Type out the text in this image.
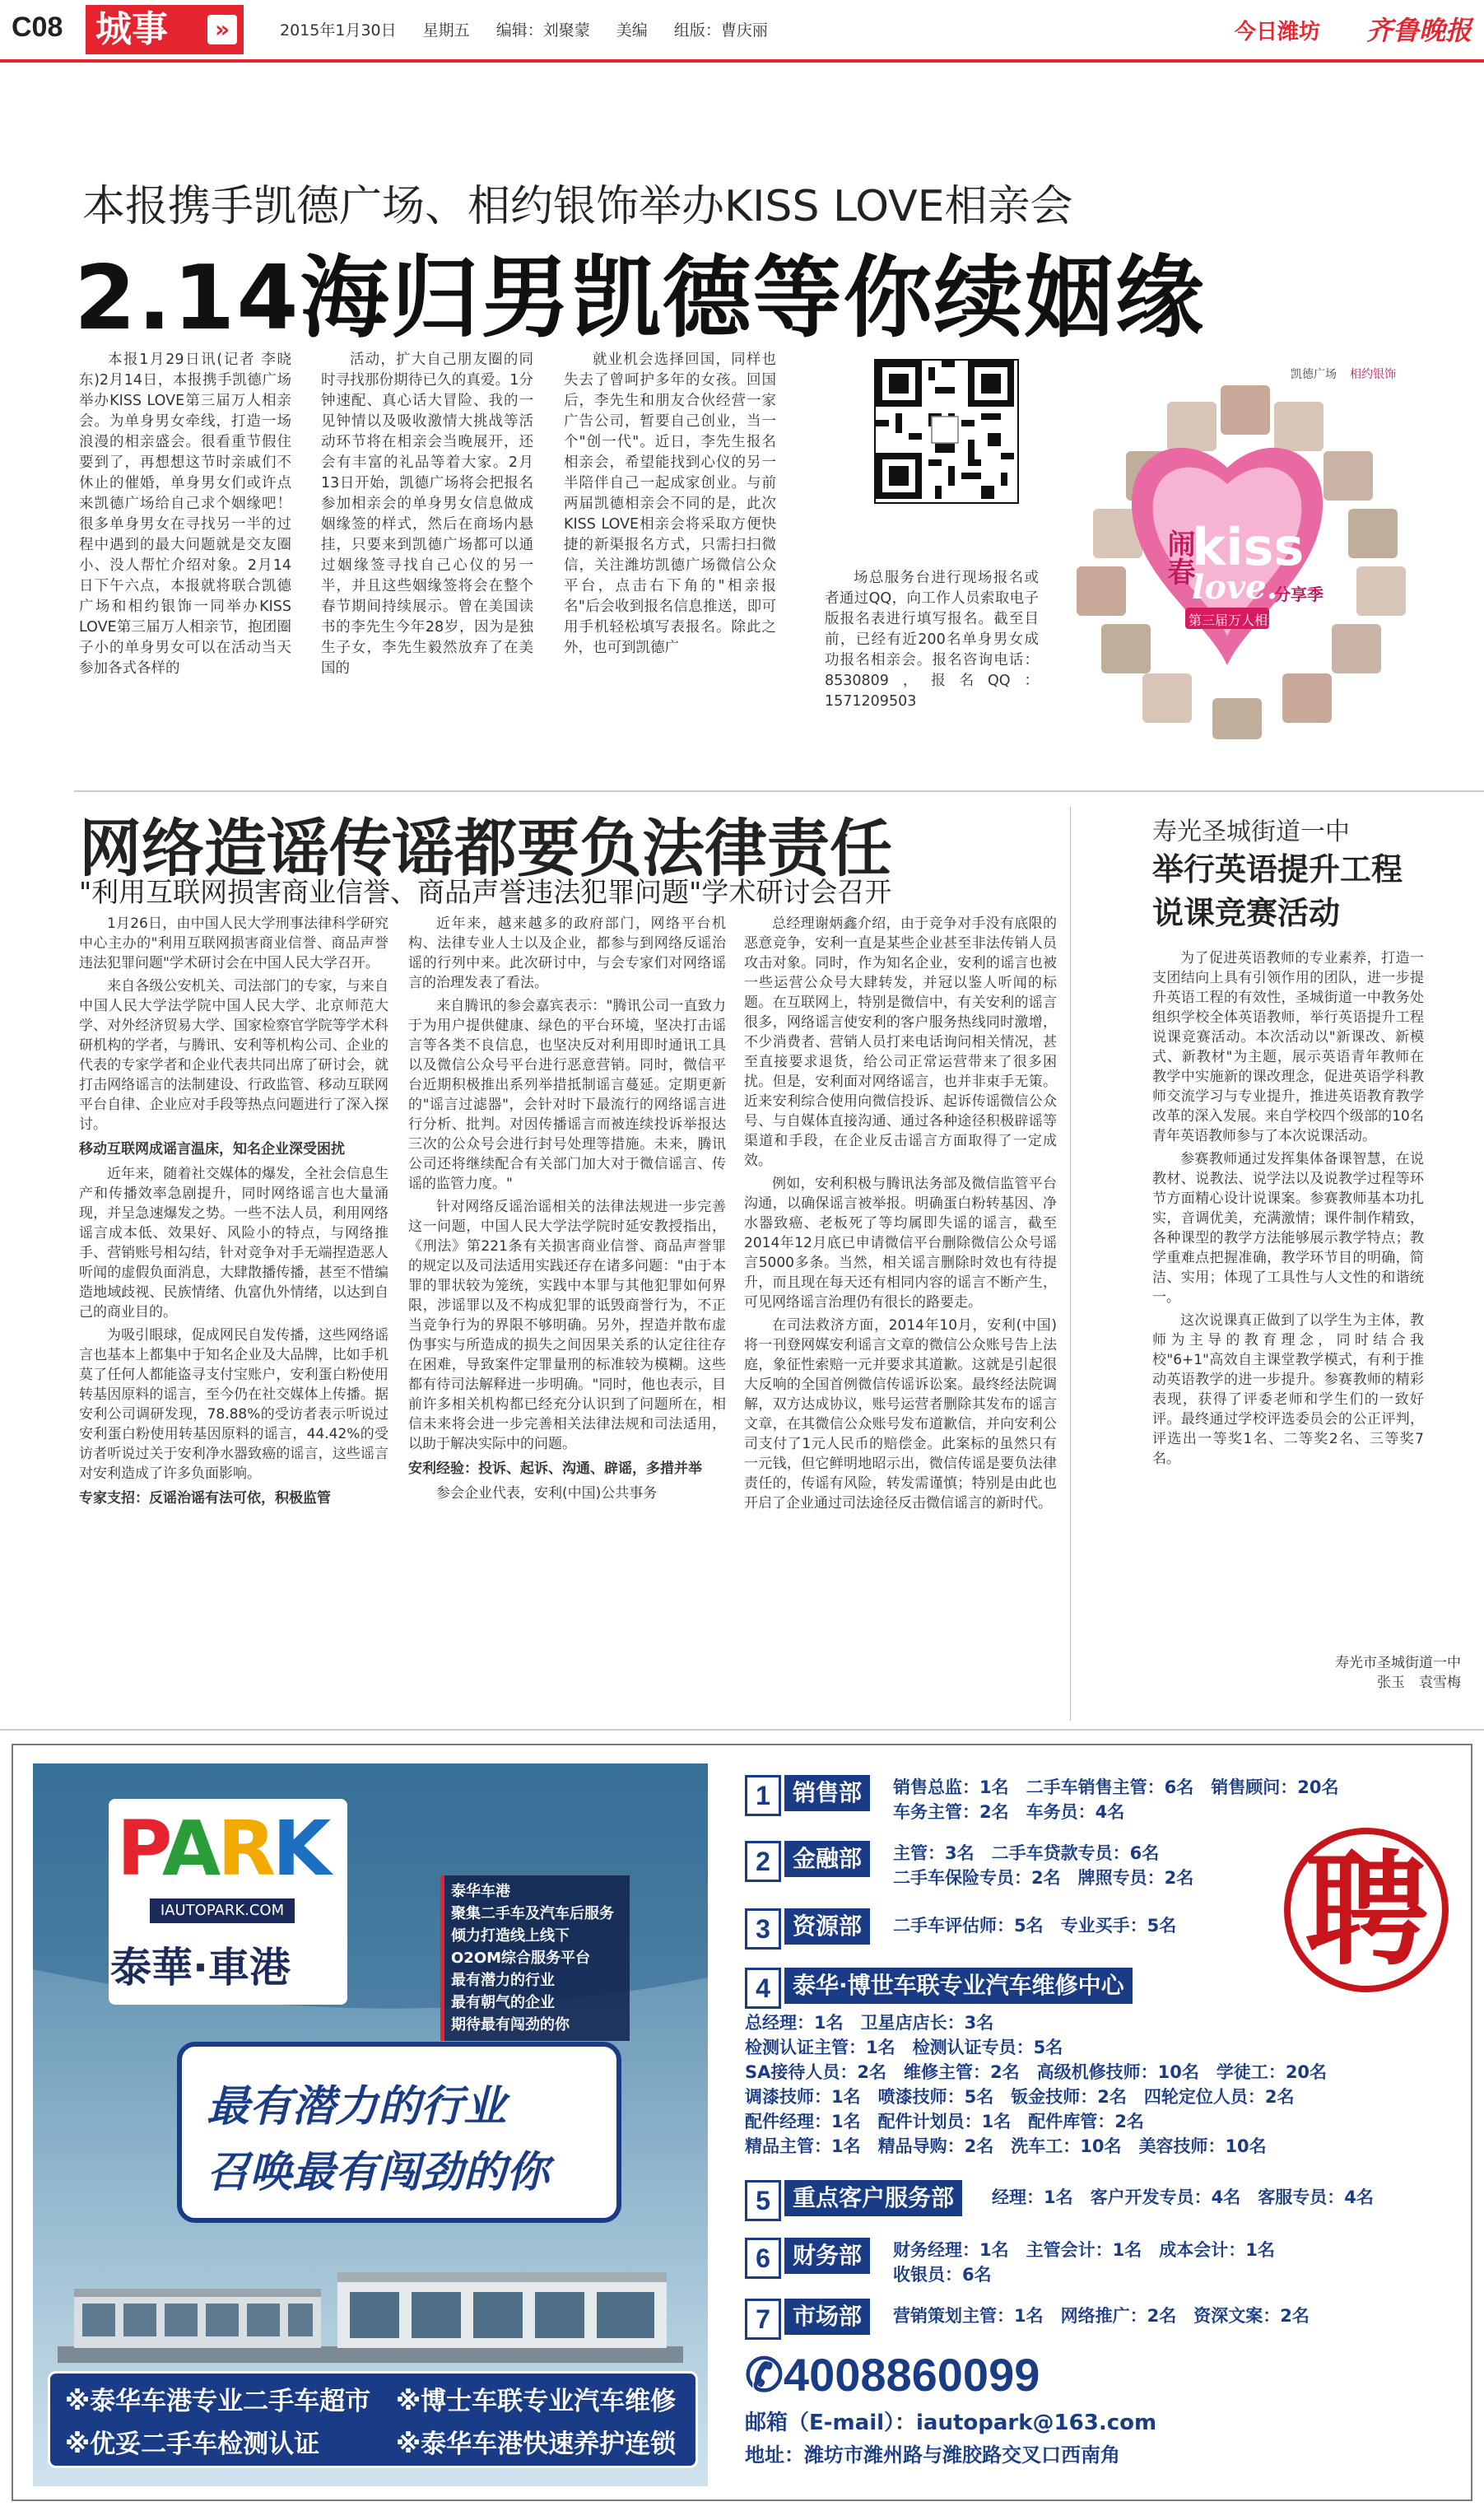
C08 城事	»	2015年1月30日 星期五 编辑：刘聚蒙 美编 组版：曹庆丽	今日潍坊 齐鲁晚报
本报携手凯德广场、相约银饰举办KISS LOVE相亲会
2.14海归男凯德等你续姻缘

本报1月29日讯(记者 李晓东)2月14日，本报携手凯德广场举办KISS LOVE第三届万人相亲会。为单身男女牵线，打造一场浪漫的相亲盛会。很看重节假住要到了，再想想这节时亲戚们不休止的催婚，单身男女们或许点来凯德广场给自己求个姻缘吧！很多单身男女在寻找另一半的过程中遇到的最大问题就是交友圈小、没人帮忙介绍对象。2月14日下午六点，本报就将联合凯德广场和相约银饰一同举办KISS LOVE第三届万人相亲节，抱团圈子小的单身男女可以在活动当天参加各式各样的

活动，扩大自己朋友圈的同时寻找那份期待已久的真爱。1分钟速配、真心话大冒险、我的一见钟情以及吸收激情大挑战等活动环节将在相亲会当晚展开，还会有丰富的礼品等着大家。2月13日开始，凯德广场将会把报名参加相亲会的单身男女信息做成姻缘签的样式，然后在商场内悬挂，只要来到凯德广场都可以通过姻缘签寻找自己心仪的另一半，并且这些姻缘签将会在整个春节期间持续展示。曾在美国读书的李先生今年28岁，因为是独生子女，李先生毅然放弃了在美国的

就业机会选择回国，同样也失去了曾呵护多年的女孩。回国后，李先生和朋友合伙经营一家广告公司，暂要自己创业，当一个"创一代"。近日，李先生报名相亲会，希望能找到心仪的另一半陪伴自己一起成家创业。与前两届凯德相亲会不同的是，此次KISS LOVE相亲会将采取方便快捷的新渠报名方式，只需扫扫微信，关注潍坊凯德广场微信公众平台，点击右下角的"相亲报名"后会收到报名信息推送，即可用手机轻松填写表报名。除此之外，也可到凯德广

场总服务台进行现场报名或者通过QQ，向工作人员索取电子版报名表进行填写报名。截至目前，已经有近200名单身男女成功报名相亲会。报名咨询电话：8530809，报名QQ：1571209503

凯德广场 相约银饰
闹春
kiss
love.
分享季
第三届万人相亲节
网络造谣传谣都要负法律责任
"利用互联网损害商业信誉、商品声誉违法犯罪问题"学术研讨会召开

1月26日，由中国人民大学刑事法律科学研究中心主办的"利用互联网损害商业信誉、商品声誉违法犯罪问题"学术研讨会在中国人民大学召开。

来自各级公安机关、司法部门的专家，与来自中国人民大学法学院中国人民大学、北京师范大学、对外经济贸易大学、国家检察官学院等学术科研机构的学者，与腾讯、安利等机构公司、企业的代表的专家学者和企业代表共同出席了研讨会，就打击网络谣言的法制建设、行政监管、移动互联网平台自律、企业应对手段等热点问题进行了深入探讨。

移动互联网成谣言温床，知名企业深受困扰

近年来，随着社交媒体的爆发，全社会信息生产和传播效率急剧提升，同时网络谣言也大量涌现，并呈急速爆发之势。一些不法人员，利用网络谣言成本低、效果好、风险小的特点，与网络推手、营销账号相勾结，针对竞争对手无端捏造恶人听闻的虚假负面消息，大肆散播传播，甚至不惜编造地域歧视、民族情绪、仇富仇外情绪，以达到自己的商业目的。

为吸引眼球，促成网民自发传播，这些网络谣言也基本上都集中于知名企业及大品牌，比如手机莫了任何人都能盗寻支付宝账户，安利蛋白粉使用转基因原料的谣言，至今仍在社交媒体上传播。据安利公司调研发现，78.88%的受访者表示听说过安利蛋白粉使用转基因原料的谣言，44.42%的受访者听说过关于安利净水器致癌的谣言，这些谣言对安利造成了许多负面影响。

专家支招：反谣治谣有法可依，积极监管

近年来，越来越多的政府部门，网络平台机构、法律专业人士以及企业，都参与到网络反谣治谣的行列中来。此次研讨中，与会专家们对网络谣言的治理发表了看法。

来自腾讯的参会嘉宾表示："腾讯公司一直致力于为用户提供健康、绿色的平台环境，坚决打击谣言等各类不良信息，也坚决反对利用即时通讯工具以及微信公众号平台进行恶意营销。同时，微信平台近期积极推出系列举措抵制谣言蔓延。定期更新的"谣言过滤器"，会针对时下最流行的网络谣言进行分析、批判。对因传播谣言而被连续投诉举报达三次的公众号会进行封号处理等措施。未来，腾讯公司还将继续配合有关部门加大对于微信谣言、传谣的监管力度。"

针对网络反谣治谣相关的法律法规进一步完善这一问题，中国人民大学法学院时延安教授指出，《刑法》第221条有关损害商业信誉、商品声誉罪的规定以及司法适用实践还存在诸多问题："由于本罪的罪状较为笼统，实践中本罪与其他犯罪如何界限，涉谣罪以及不构成犯罪的诋毁商誉行为，不正当竞争行为的界限不够明确。另外，捏造并散布虚伪事实与所造成的损失之间因果关系的认定往往存在困难，导致案件定罪量刑的标准较为模糊。这些都有待司法解释进一步明确。"同时，他也表示，目前许多相关机构都已经充分认识到了问题所在，相信未来将会进一步完善相关法律法规和司法适用，以助于解决实际中的问题。

安利经验：投诉、起诉、沟通、辟谣，多措并举

参会企业代表，安利(中国)公共事务

总经理谢炳鑫介绍，由于竞争对手没有底限的恶意竞争，安利一直是某些企业甚至非法传销人员攻击对象。同时，作为知名企业，安利的谣言也被一些运营公众号大肆转发，并冠以鉴人听闻的标题。在互联网上，特别是微信中，有关安利的谣言很多，网络谣言使安利的客户服务热线同时激增，不少消费者、营销人员打来电话询问相关情况，甚至直接要求退货，给公司正常运营带来了很多困扰。但是，安利面对网络谣言，也并非束手无策。近来安利综合使用向微信投诉、起诉传谣微信公众号、与自媒体直接沟通、通过各种途径积极辟谣等渠道和手段，在企业反击谣言方面取得了一定成效。

例如，安利积极与腾讯法务部及微信监管平台沟通，以确保谣言被举报。明确蛋白粉转基因、净水器致癌、老板死了等均属即失谣的谣言，截至2014年12月底已申请微信平台删除微信公众号谣言5000多条。当然，相关谣言删除时效也有待提升，而且现在每天还有相同内容的谣言不断产生，可见网络谣言治理仍有很长的路要走。

在司法救济方面，2014年10月，安利(中国)将一刊登网媒安利谣言文章的微信公众账号告上法庭，象征性索赔一元并要求其道歉。这就是引起很大反响的全国首例微信传谣诉讼案。最终经法院调解，双方达成协议，账号运营者删除其发布的谣言文章，在其微信公众账号发布道歉信，并向安利公司支付了1元人民币的赔偿金。此案标的虽然只有一元钱，但它鲜明地昭示出，微信传谣是要负法律责任的，传谣有风险，转发需谨慎；特别是由此也开启了企业通过司法途径反击微信谣言的新时代。

寿光圣城街道一中
举行英语提升工程
说课竞赛活动

为了促进英语教师的专业素养，打造一支团结向上具有引领作用的团队，进一步提升英语工程的有效性，圣城街道一中教务处组织学校全体英语教师，举行英语提升工程说课竞赛活动。本次活动以"新课改、新模式、新教材"为主题，展示英语青年教师在教学中实施新的课改理念，促进英语学科教师交流学习与专业提升，推进英语教育教学改革的深入发展。来自学校四个级部的10名青年英语教师参与了本次说课活动。

参赛教师通过发挥集体备课智慧，在说教材、说教法、说学法以及说教学过程等环节方面精心设计说课案。参赛教师基本功扎实，音调优美，充满激情；课件制作精致，各种课型的教学方法能够展示教学特点；教学重难点把握准确，教学环节目的明确，简洁、实用；体现了工具性与人文性的和谐统一。

这次说课真正做到了以学生为主体，教师为主导的教育理念，同时结合我校"6+1"高效自主课堂教学模式，有利于推动英语教学的进一步提升。参赛教师的精彩表现，获得了评委老师和学生们的一致好评。最终通过学校评选委员会的公正评判，评选出一等奖1名、二等奖2名、三等奖7名。

寿光市圣城街道一中
张玉　袁雪梅
PARK
IAUTOPARK.COM
泰華·車港
泰华车港
聚集二手车及汽车后服务
倾力打造线上线下
O2OM综合服务平台
最有潜力的行业
最有朝气的企业
期待最有闯劲的你
最有潜力的行业
召唤最有闯劲的你
※泰华车港专业二手车超市 ※博士车联专业汽车维修
※优妥二手车检测认证	※泰华车港快速养护连锁
1 销售部	销售总监：1名　二手车销售主管：6名　销售顾问：20名
车务主管：2名　车务员：4名
2 金融部	主管：3名　二手车贷款专员：6名
二手车保险专员：2名　牌照专员：2名
3 资源部	二手车评估师：5名　专业买手：5名
4 泰华·博世车联专业汽车维修中心
总经理：1名　卫星店店长：3名
检测认证主管：1名　检测认证专员：5名
SA接待人员：2名　维修主管：2名　高级机修技师：10名　学徒工：20名
调漆技师：1名　喷漆技师：5名　钣金技师：2名　四轮定位人员：2名
配件经理：1名　配件计划员：1名　配件库管：2名
精品主管：1名　精品导购：2名　洗车工：10名　美容技师：10名
5 重点客户服务部	经理：1名　客户开发专员：4名　客服专员：4名
6 财务部	财务经理：1名　主管会计：1名　成本会计：1名
收银员：6名
7 市场部	营销策划主管：1名　网络推广：2名　资深文案：2名
聘
✆4008860099
邮箱（E-mail）：iautopark@163.com
地址：潍坊市潍州路与潍胶路交叉口西南角
